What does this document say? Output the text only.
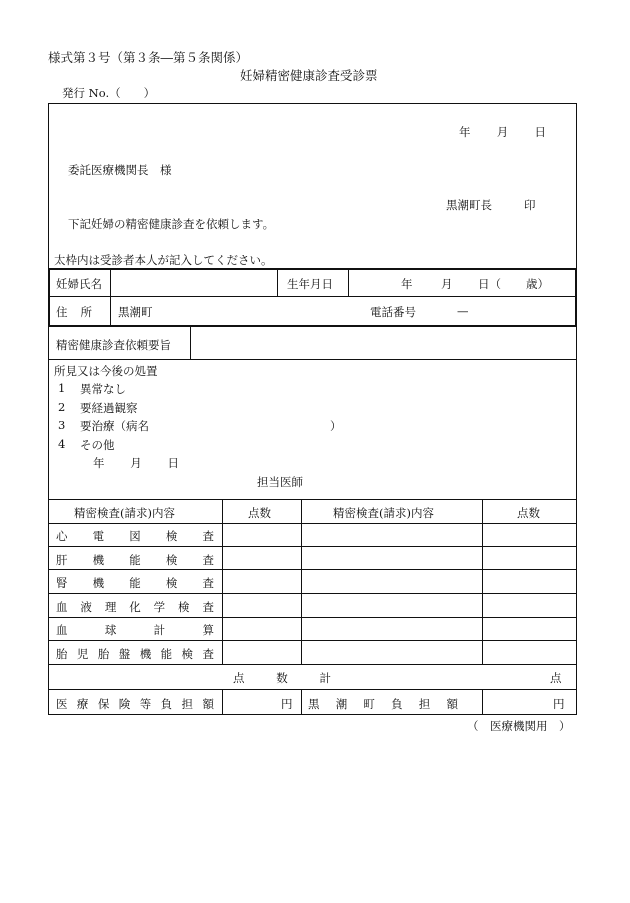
様式第３号（第３条―第５条関係）
妊婦精密健康診査受診票
発行 No.（　　）
年 月 日
委託医療機関長　様
黒潮町長	印
下記妊婦の精密健康診査を依頼します。
太枠内は受診者本人が記入してください。
妊婦氏名	生年月日	年 月 日（ 歳）
住 所 黒潮町	電話番号	—
精密健康診査依頼要旨
所見又は今後の処置
1 異常なし
2 要経過観察
3 要治療（病名	）
4 その他
年 月 日
担当医師
精密検査(請求)内容	点数	精密検査(請求)内容	点数
心 電 図 検 査
肝 機 能 検 査
腎 機 能 検 査
血 液 理 化 学 検 査
血	球	計	算
胎 児 胎 盤 機 能 検 査
点	数	計	点
医 療 保 険 等 負 担 額	円 黒 潮 町 負 担 額	円
（　医療機関用　）
